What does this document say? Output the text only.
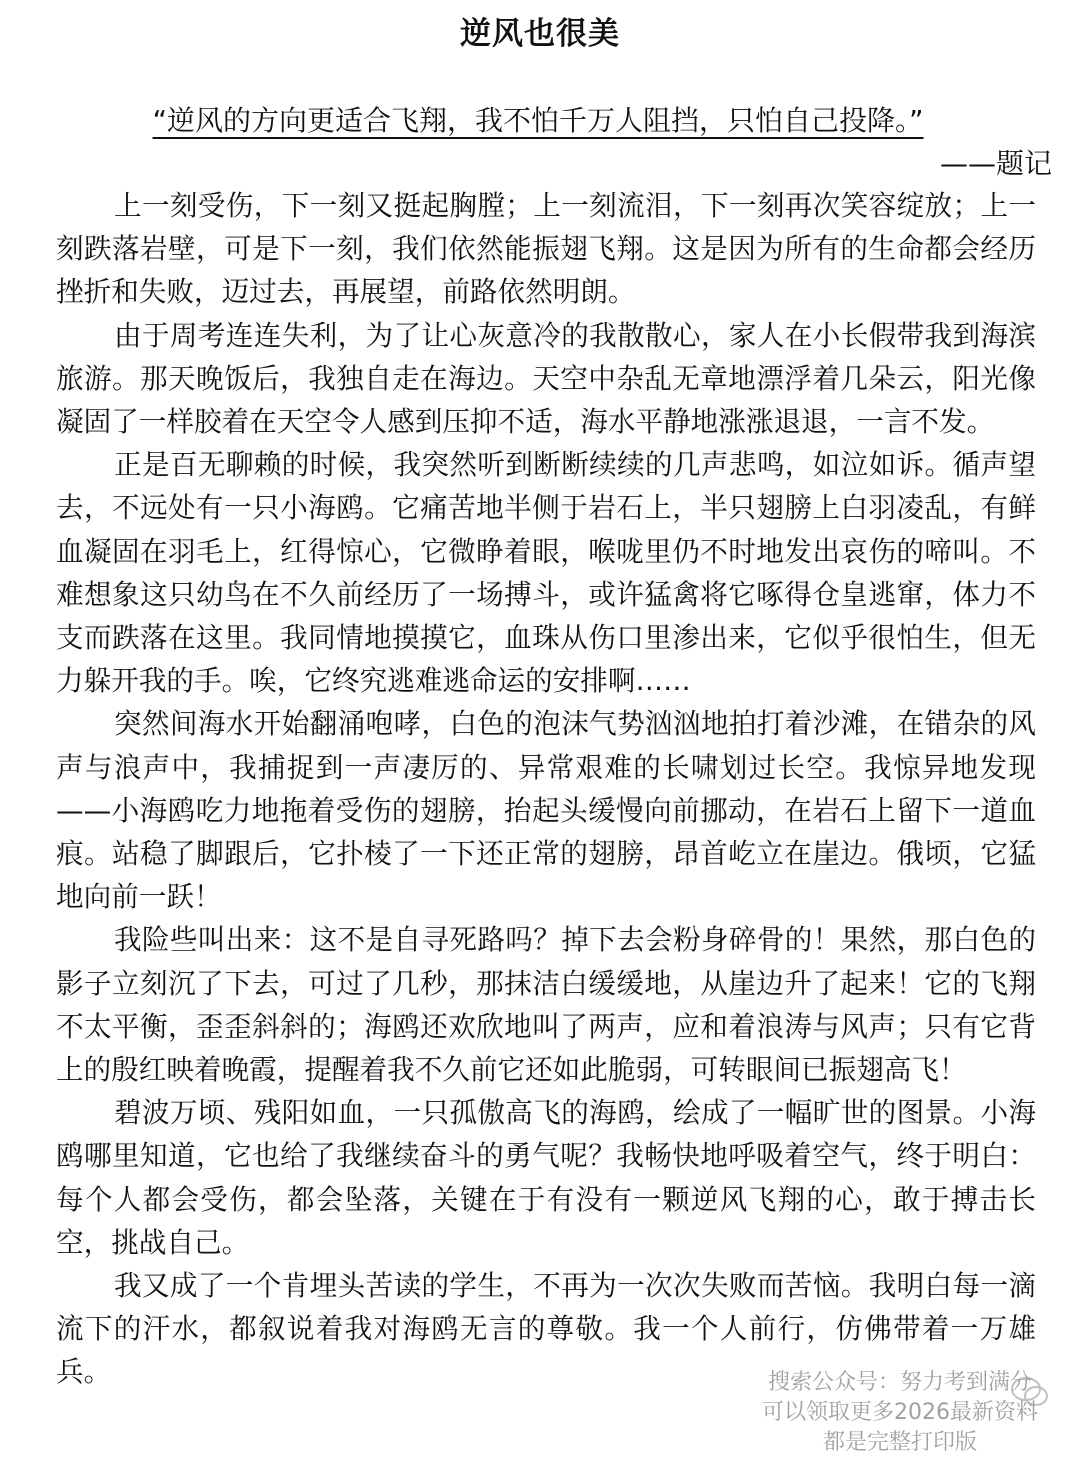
逆风也很美
“逆风的方向更适合飞翔，我不怕千万人阻挡，只怕自己投降。”
——题记

上一刻受伤，下一刻又挺起胸膛；上一刻流泪，下一刻再次笑容绽放；上一刻跌落岩壁，可是下一刻，我们依然能振翅飞翔。这是因为所有的生命都会经历挫折和失败，迈过去，再展望，前路依然明朗。

由于周考连连失利，为了让心灰意冷的我散散心，家人在小长假带我到海滨旅游。那天晚饭后，我独自走在海边。天空中杂乱无章地漂浮着几朵云，阳光像凝固了一样胶着在天空令人感到压抑不适，海水平静地涨涨退退，一言不发。

正是百无聊赖的时候，我突然听到断断续续的几声悲鸣，如泣如诉。循声望去，不远处有一只小海鸥。它痛苦地半侧于岩石上，半只翅膀上白羽凌乱，有鲜血凝固在羽毛上，红得惊心，它微睁着眼，喉咙里仍不时地发出哀伤的啼叫。不难想象这只幼鸟在不久前经历了一场搏斗，或许猛禽将它啄得仓皇逃窜，体力不支而跌落在这里。我同情地摸摸它，血珠从伤口里渗出来，它似乎很怕生，但无力躲开我的手。唉，它终究逃难逃命运的安排啊……

突然间海水开始翻涌咆哮，白色的泡沫气势汹汹地拍打着沙滩，在错杂的风声与浪声中，我捕捉到一声凄厉的、异常艰难的长啸划过长空。我惊异地发现——小海鸥吃力地拖着受伤的翅膀，抬起头缓慢向前挪动，在岩石上留下一道血痕。站稳了脚跟后，它扑棱了一下还正常的翅膀，昂首屹立在崖边。俄顷，它猛地向前一跃！

我险些叫出来：这不是自寻死路吗？掉下去会粉身碎骨的！果然，那白色的影子立刻沉了下去，可过了几秒，那抹洁白缓缓地，从崖边升了起来！它的飞翔不太平衡，歪歪斜斜的；海鸥还欢欣地叫了两声，应和着浪涛与风声；只有它背上的殷红映着晚霞，提醒着我不久前它还如此脆弱，可转眼间已振翅高飞！

碧波万顷、残阳如血，一只孤傲高飞的海鸥，绘成了一幅旷世的图景。小海鸥哪里知道，它也给了我继续奋斗的勇气呢？我畅快地呼吸着空气，终于明白：每个人都会受伤，都会坠落，关键在于有没有一颗逆风飞翔的心，敢于搏击长空，挑战自己。

我又成了一个肯埋头苦读的学生，不再为一次次失败而苦恼。我明白每一滴流下的汗水，都叙说着我对海鸥无言的尊敬。我一个人前行，仿佛带着一万雄兵。	搜索公众号：努力考到满分
可以领取更多2026最新资料
都是完整打印版
